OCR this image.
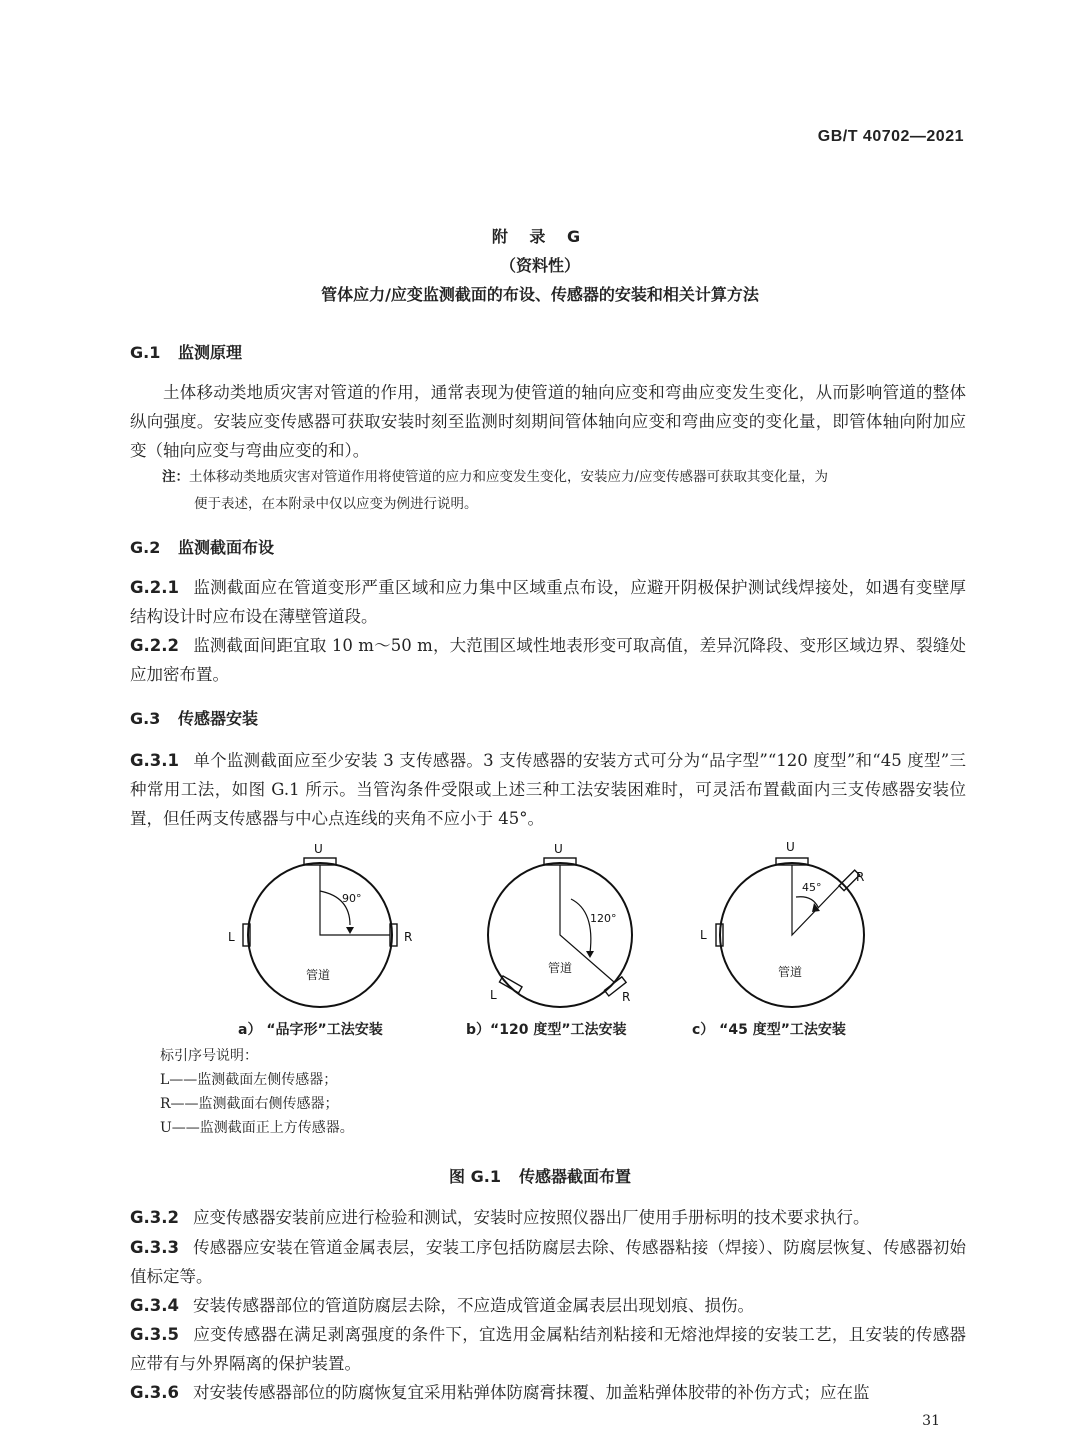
GB/T 40702—2021
附 录 G
（资料性）
管体应力/应变监测截面的布设、传感器的安装和相关计算方法
G.1 监测原理
土体移动类地质灾害对管道的作用，通常表现为使管道的轴向应变和弯曲应变发生变化，从而影响管道的整体纵向强度。安装应变传感器可获取安装时刻至监测时刻期间管体轴向应变和弯曲应变的变化量，即管体轴向附加应变（轴向应变与弯曲应变的和）。
注：土体移动类地质灾害对管道作用将使管道的应力和应变发生变化，安装应力/应变传感器可获取其变化量，为
便于表述，在本附录中仅以应变为例进行说明。
G.2 监测截面布设
G.2.1 监测截面应在管道变形严重区域和应力集中区域重点布设，应避开阴极保护测试线焊接处，如遇有变壁厚结构设计时应布设在薄壁管道段。
G.2.2 监测截面间距宜取 10 m～50 m，大范围区域性地表形变可取高值，差异沉降段、变形区域边界、裂缝处应加密布置。
G.3 传感器安装
G.3.1 单个监测截面应至少安装 3 支传感器。3 支传感器的安装方式可分为“品字型”“120 度型”和“45 度型”三种常用工法，如图 G.1 所示。当管沟条件受限或上述三种工法安装困难时，可灵活布置截面内三支传感器安装位置，但任两支传感器与中心点连线的夹角不应小于 45°。
U
L	R
90°
管道
U
L	R
120°
管道
U
R
L
45°
管道
a） “品字形”工法安装	b）“120 度型”工法安装	c） “45 度型”工法安装
标引序号说明：
L——监测截面左侧传感器；
R——监测截面右侧传感器；
U——监测截面正上方传感器。
图 G.1 传感器截面布置
G.3.2 应变传感器安装前应进行检验和测试，安装时应按照仪器出厂使用手册标明的技术要求执行。
G.3.3 传感器应安装在管道金属表层，安装工序包括防腐层去除、传感器粘接（焊接）、防腐层恢复、传感器初始值标定等。
G.3.4 安装传感器部位的管道防腐层去除，不应造成管道金属表层出现划痕、损伤。
G.3.5 应变传感器在满足剥离强度的条件下，宜选用金属粘结剂粘接和无熔池焊接的安装工艺，且安装的传感器应带有与外界隔离的保护装置。
G.3.6 对安装传感器部位的防腐恢复宜采用粘弹体防腐膏抹覆、加盖粘弹体胶带的补伤方式；应在监
31
